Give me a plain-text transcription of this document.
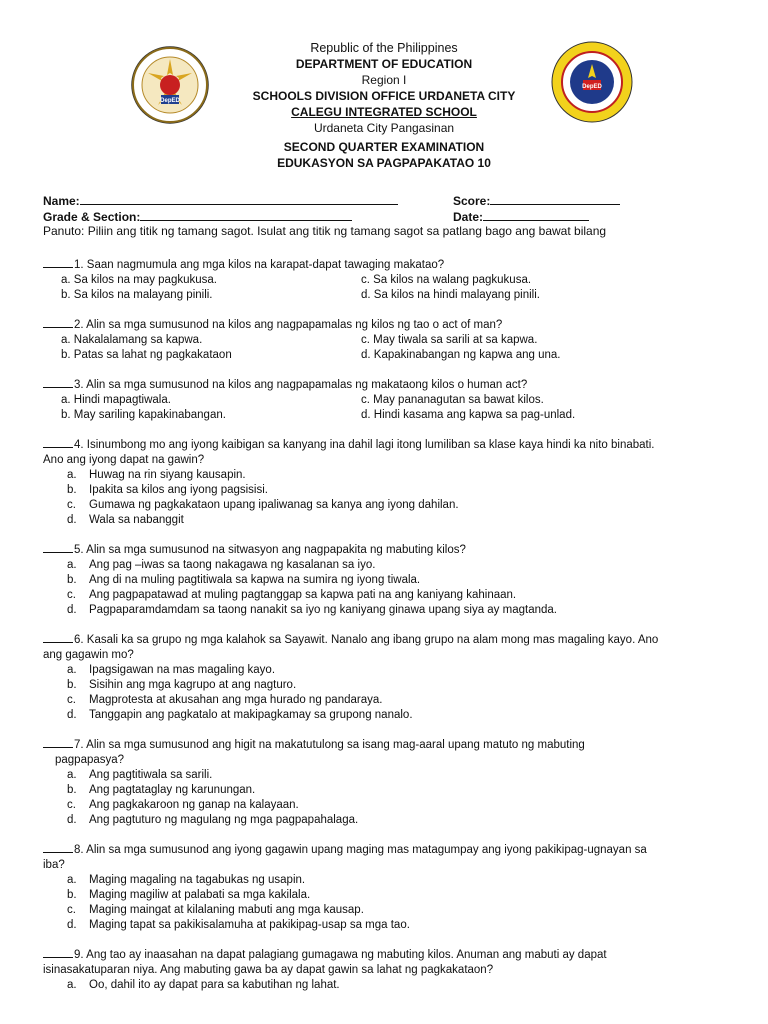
DepED
DepED
Republic of the Philippines
DEPARTMENT OF EDUCATION
Region I
SCHOOLS DIVISION OFFICE URDANETA CITY
CALEGU INTEGRATED SCHOOL
Urdaneta City Pangasinan
SECOND QUARTER EXAMINATION
EDUKASYON SA PAGPAPAKATAO 10
Name:	Score:
Grade & Section:	Date:
Panuto: Piliin ang titik ng tamang sagot. Isulat ang titik ng tamang sagot sa patlang bago ang bawat bilang
1. Saan nagmumula ang mga kilos na karapat-dapat tawaging makatao?
a. Sa kilos na may pagkukusa.	c. Sa kilos na walang pagkukusa.
b. Sa kilos na malayang pinili.	d. Sa kilos na hindi malayang pinili.
2. Alin sa mga sumusunod na kilos ang nagpapamalas ng kilos ng tao o act of man?
a. Nakalalamang sa kapwa.	c. May tiwala sa sarili at sa kapwa.
b. Patas sa lahat ng pagkakataon	d. Kapakinabangan ng kapwa ang una.
3. Alin sa mga sumusunod na kilos ang nagpapamalas ng makataong kilos o human act?
a. Hindi mapagtiwala.	c. May pananagutan sa bawat kilos.
b. May sariling kapakinabangan.	d. Hindi kasama ang kapwa sa pag-unlad.
4. Isinumbong mo ang iyong kaibigan sa kanyang ina dahil lagi itong lumiliban sa klase kaya hindi ka nito binabati.
Ano ang iyong dapat na gawin?
a.	Huwag na rin siyang kausapin.
b.	Ipakita sa kilos ang iyong pagsisisi.
c.	Gumawa ng pagkakataon upang ipaliwanag sa kanya ang iyong dahilan.
d.	Wala sa nabanggit
5. Alin sa mga sumusunod na sitwasyon ang nagpapakita ng mabuting kilos?
a.	Ang pag –iwas sa taong nakagawa ng kasalanan sa iyo.
b.	Ang di na muling pagtitiwala sa kapwa na sumira ng iyong tiwala.
c.	Ang pagpapatawad at muling pagtanggap sa kapwa pati na ang kaniyang kahinaan.
d.	Pagpaparamdamdam sa taong nanakit sa iyo ng kaniyang ginawa upang siya ay magtanda.
6. Kasali ka sa grupo ng mga kalahok sa Sayawit. Nanalo ang ibang grupo na alam mong mas magaling kayo. Ano
ang gagawin mo?
a.	Ipagsigawan na mas magaling kayo.
b.	Sisihin ang mga kagrupo at ang nagturo.
c.	Magprotesta at akusahan ang mga hurado ng pandaraya.
d.	Tanggapin ang pagkatalo at makipagkamay sa grupong nanalo.
7. Alin sa mga sumusunod ang higit na makatutulong sa isang mag-aaral upang matuto ng mabuting
pagpapasya?
a.	Ang pagtitiwala sa sarili.
b.	Ang pagtataglay ng karunungan.
c.	Ang pagkakaroon ng ganap na kalayaan.
d.	Ang pagtuturo ng magulang ng mga pagpapahalaga.
8. Alin sa mga sumusunod ang iyong gagawin upang maging mas matagumpay ang iyong pakikipag-ugnayan sa
iba?
a.	Maging magaling na tagabukas ng usapin.
b.	Maging magiliw at palabati sa mga kakilala.
c.	Maging maingat at kilalaning mabuti ang mga kausap.
d.	Maging tapat sa pakikisalamuha at pakikipag-usap sa mga tao.
9. Ang tao ay inaasahan na dapat palagiang gumagawa ng mabuting kilos. Anuman ang mabuti ay dapat
isinasakatuparan niya. Ang mabuting gawa ba ay dapat gawin sa lahat ng pagkakataon?
a.	Oo, dahil ito ay dapat para sa kabutihan ng lahat.
